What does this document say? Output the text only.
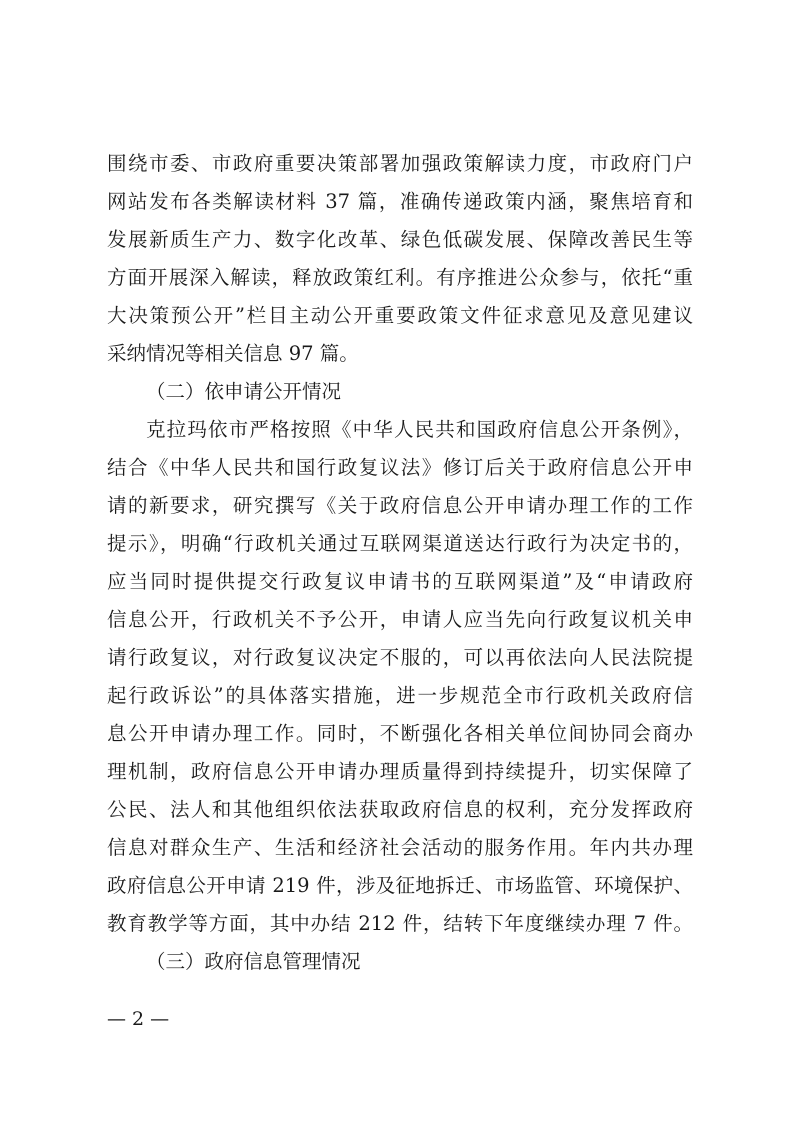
围绕市委、市政府重要决策部署加强政策解读力度，市政府门户
网站发布各类解读材料 37 篇，准确传递政策内涵，聚焦培育和
发展新质生产力、数字化改革、绿色低碳发展、保障改善民生等
方面开展深入解读，释放政策红利。有序推进公众参与，依托“重
大决策预公开”栏目主动公开重要政策文件征求意见及意见建议
采纳情况等相关信息 97 篇。
（二）依申请公开情况
克拉玛依市严格按照《中华人民共和国政府信息公开条例》，
结合《中华人民共和国行政复议法》修订后关于政府信息公开申
请的新要求，研究撰写《关于政府信息公开申请办理工作的工作
提示》，明确“行政机关通过互联网渠道送达行政行为决定书的，
应当同时提供提交行政复议申请书的互联网渠道”及“申请政府
信息公开，行政机关不予公开，申请人应当先向行政复议机关申
请行政复议，对行政复议决定不服的，可以再依法向人民法院提
起行政诉讼”的具体落实措施，进一步规范全市行政机关政府信
息公开申请办理工作。同时，不断强化各相关单位间协同会商办
理机制，政府信息公开申请办理质量得到持续提升，切实保障了
公民、法人和其他组织依法获取政府信息的权利，充分发挥政府
信息对群众生产、生活和经济社会活动的服务作用。年内共办理
政府信息公开申请 219 件，涉及征地拆迁、市场监管、环境保护、
教育教学等方面，其中办结 212 件，结转下年度继续办理 7 件。
（三）政府信息管理情况
— 2 —
